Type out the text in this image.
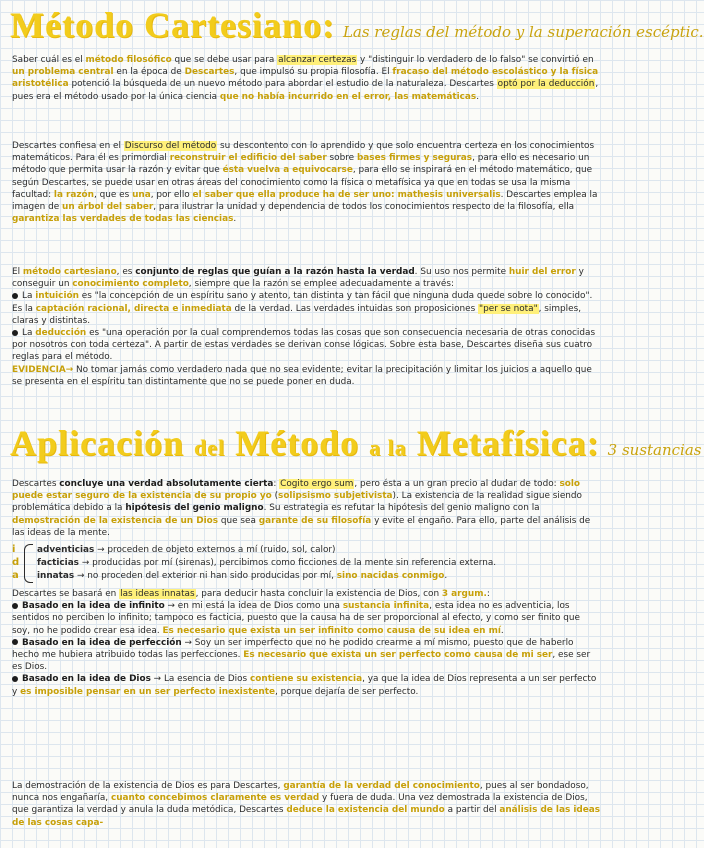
Método Cartesiano: Las reglas del método y la superación escéptic.

Saber cuál es el método filosófico que se debe usar para alcanzar certezas y "distinguir lo verdadero de lo falso" se convirtió en un problema central en la época de Descartes, que impulsó su propia filosofía. El fracaso del método escolástico y la física aristotélica potenció la búsqueda de un nuevo método para abordar el estudio de la naturaleza. Descartes optó por la deducción, pues era el método usado por la única ciencia que no había incurrido en el error, las matemáticas.

Descartes confiesa en el Discurso del método su descontento con lo aprendido y que solo encuentra certeza en los conocimientos matemáticos. Para él es primordial reconstruir el edificio del saber sobre bases firmes y seguras, para ello es necesario un método que permita usar la razón y evitar que ésta vuelva a equivocarse, para ello se inspirará en el método matemático, que según Descartes, se puede usar en otras áreas del conocimiento como la física o metafísica ya que en todas se usa la misma facultad: la razón, que es una, por ello el saber que ella produce ha de ser uno: mathesis universalis. Descartes emplea la imagen de un árbol del saber, para ilustrar la unidad y dependencia de todos los conocimientos respecto de la filosofía, ella garantiza las verdades de todas las ciencias.

El método cartesiano, es conjunto de reglas que guían a la razón hasta la verdad. Su uso nos permite huir del error y conseguir un conocimiento completo, siempre que la razón se emplee adecuadamente a través:

La intuición es "la concepción de un espíritu sano y atento, tan distinta y tan fácil que ninguna duda quede sobre lo conocido". Es la captación racional, directa e inmediata de la verdad. Las verdades intuidas son proposiciones "per se nota", simples, claras y distintas.

La deducción es "una operación por la cual comprendemos todas las cosas que son consecuencia necesaria de otras conocidas por nosotros con toda certeza". A partir de estas verdades se derivan conse lógicas. Sobre esta base, Descartes diseña sus cuatro reglas para el método.

EVIDENCIA→ No tomar jamás como verdadero nada que no sea evidente; evitar la precipitación y limitar los juicios a aquello que se presenta en el espíritu tan distintamente que no se puede poner en duda.

Aplicación del Método a la Metafísica: 3 sustancias

Descartes concluye una verdad absolutamente cierta: Cogito ergo sum, pero ésta a un gran precio al dudar de todo: solo puede estar seguro de la existencia de su propio yo (solipsismo subjetivista). La existencia de la realidad sigue siendo problemática debido a la hipótesis del genio maligno. Su estrategia es refutar la hipótesis del genio maligno con la demostración de la existencia de un Dios que sea garante de su filosofía y evite el engaño. Para ello, parte del análisis de las ideas de la mente.

i
d
a
adventicias → proceden de objeto externos a mí (ruido, sol, calor)
facticias → producidas por mí (sirenas), percibimos como ficciones de la mente sin referencia externa.
innatas → no proceden del exterior ni han sido producidas por mí, sino nacidas conmigo.

Descartes se basará en las ideas innatas, para deducir hasta concluir la existencia de Dios, con 3 argum.:

Basado en la idea de infinito → en mi está la idea de Dios como una sustancia infinita, esta idea no es adventicia, los sentidos no perciben lo infinito; tampoco es facticia, puesto que la causa ha de ser proporcional al efecto, y como ser finito que soy, no he podido crear esa idea. Es necesario que exista un ser infinito como causa de su idea en mí.

Basado en la idea de perfección → Soy un ser imperfecto que no he podido crearme a mí mismo, puesto que de haberlo hecho me hubiera atribuido todas las perfecciones. Es necesario que exista un ser perfecto como causa de mi ser, ese ser es Dios.

Basado en la idea de Dios → La esencia de Dios contiene su existencia, ya que la idea de Dios representa a un ser perfecto y es imposible pensar en un ser perfecto inexistente, porque dejaría de ser perfecto.

La demostración de la existencia de Dios es para Descartes, garantía de la verdad del conocimiento, pues al ser bondadoso, nunca nos engañaría, cuanto concebimos claramente es verdad y fuera de duda. Una vez demostrada la existencia de Dios, que garantiza la verdad y anula la duda metódica, Descartes deduce la existencia del mundo a partir del análisis de las ideas de las cosas capa-
